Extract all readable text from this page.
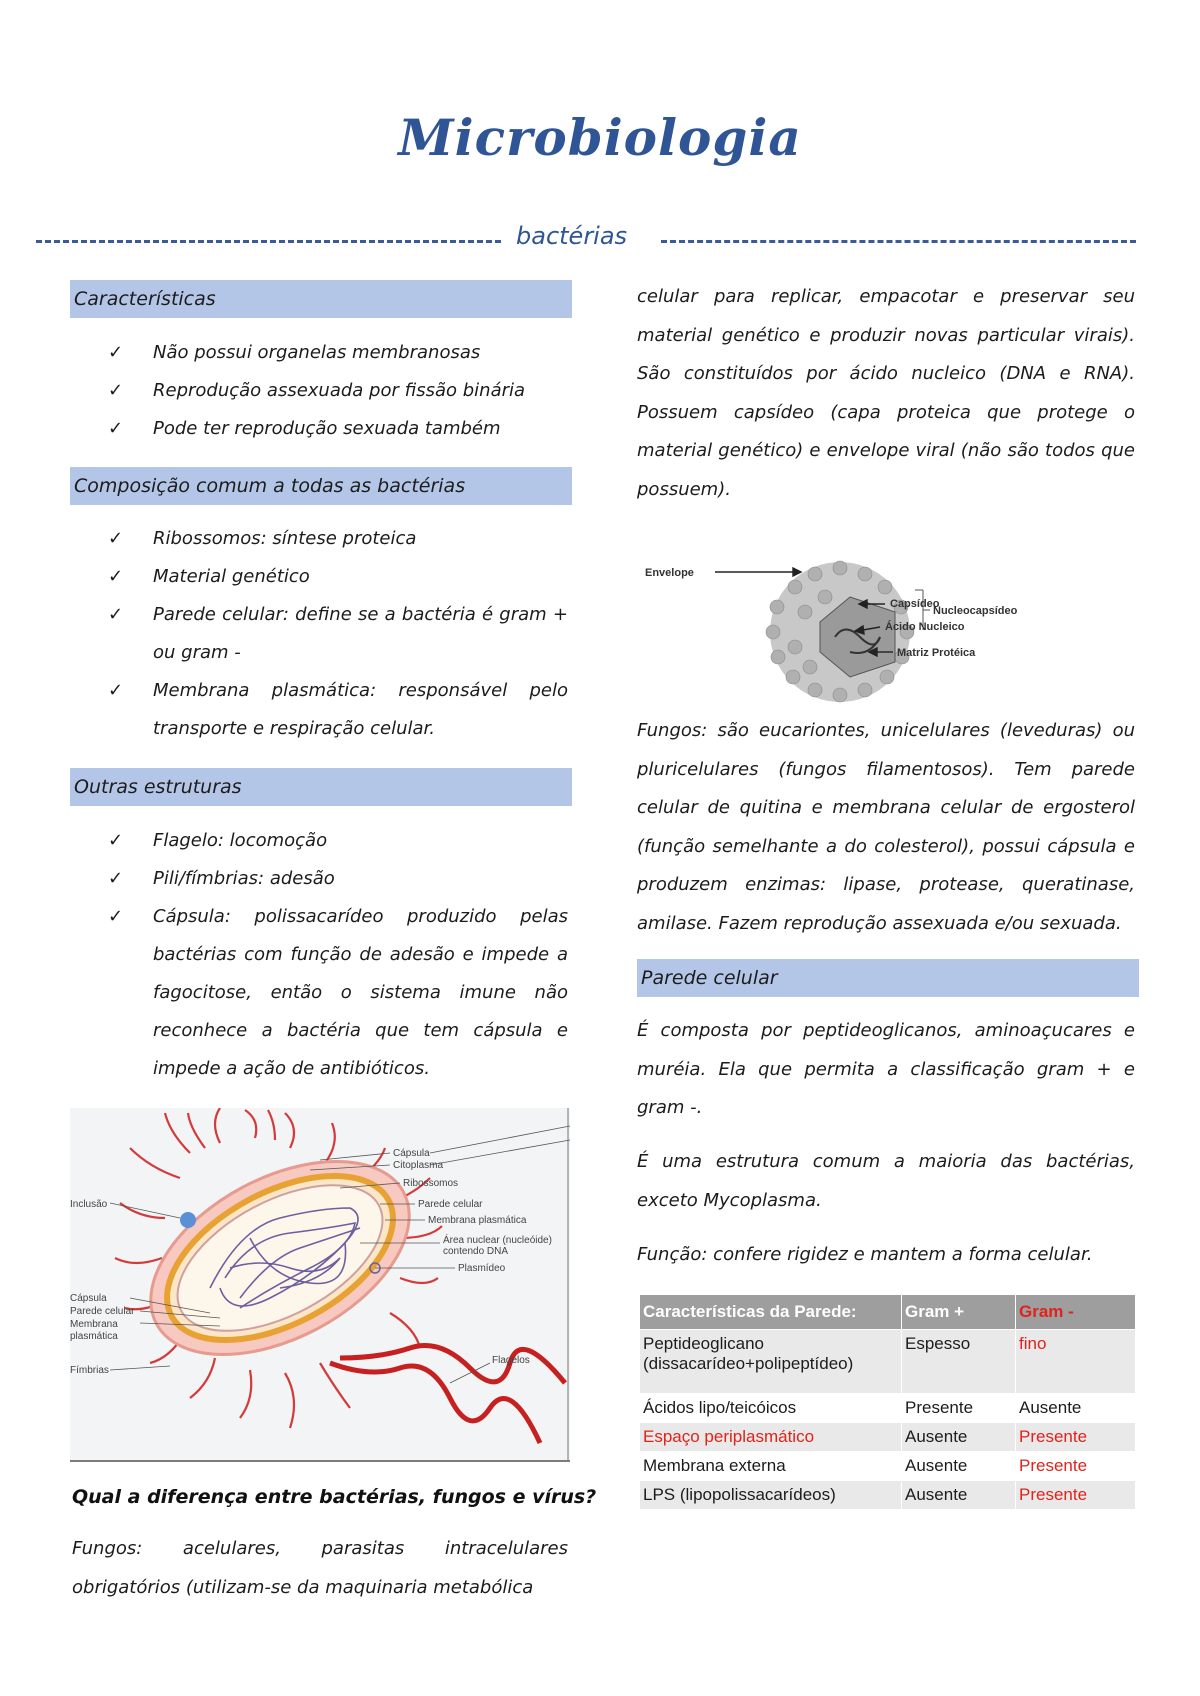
Microbiologia
bactérias
Características
✓ Não possui organelas membranosas
✓ Reprodução assexuada por fissão binária
✓ Pode ter reprodução sexuada também
Composição comum a todas as bactérias
✓ Ribossomos: síntese proteica
✓ Material genético
✓ Parede celular: define se a bactéria é gram + ou gram -
✓ Membrana plasmática: responsável pelo transporte e respiração celular.
Outras estruturas
✓ Flagelo: locomoção
✓ Pili/fímbrias: adesão
✓ Cápsula: polissacarídeo produzido pelas bactérias com função de adesão e impede a fagocitose, então o sistema imune não reconhece a bactéria que tem cápsula e impede a ação de antibióticos.
Cápsula
Citoplasma
Ribossomos
Parede celular
Membrana plasmática
Área nuclear (nucleóide)
contendo DNA
Plasmídeo
Inclusão
Cápsula
Parede celular
Membrana
plasmática
Fímbrias
Flagelos
Qual a diferença entre bactérias, fungos e vírus?

Fungos: acelulares, parasitas intracelulares obrigatórios (utilizam-se da maquinaria metabólica

celular para replicar, empacotar e preservar seu material genético e produzir novas particular virais). São constituídos por ácido nucleico (DNA e RNA). Possuem capsídeo (capa proteica que protege o material genético) e envelope viral (não são todos que possuem).

Envelope
Capsídeo
Ácido Nucleico
Matriz Protéica
Nucleocapsídeo

Fungos: são eucariontes, unicelulares (leveduras) ou pluricelulares (fungos filamentosos). Tem parede celular de quitina e membrana celular de ergosterol (função semelhante a do colesterol), possui cápsula e produzem enzimas: lipase, protease, queratinase, amilase. Fazem reprodução assexuada e/ou sexuada.

Parede celular

É composta por peptideoglicanos, aminoaçucares e muréia. Ela que permita a classificação gram + e gram -.

É uma estrutura comum a maioria das bactérias, exceto Mycoplasma.

Função: confere rigidez e mantem a forma celular.

Características da Parede:	Gram +	Gram -
Peptideoglicano (dissacarídeo+polipeptídeo)	Espesso	fino
Ácidos lipo/teicóicos	Presente	Ausente
Espaço periplasmático	Ausente	Presente
Membrana externa	Ausente	Presente
LPS (lipopolissacarídeos)	Ausente	Presente
